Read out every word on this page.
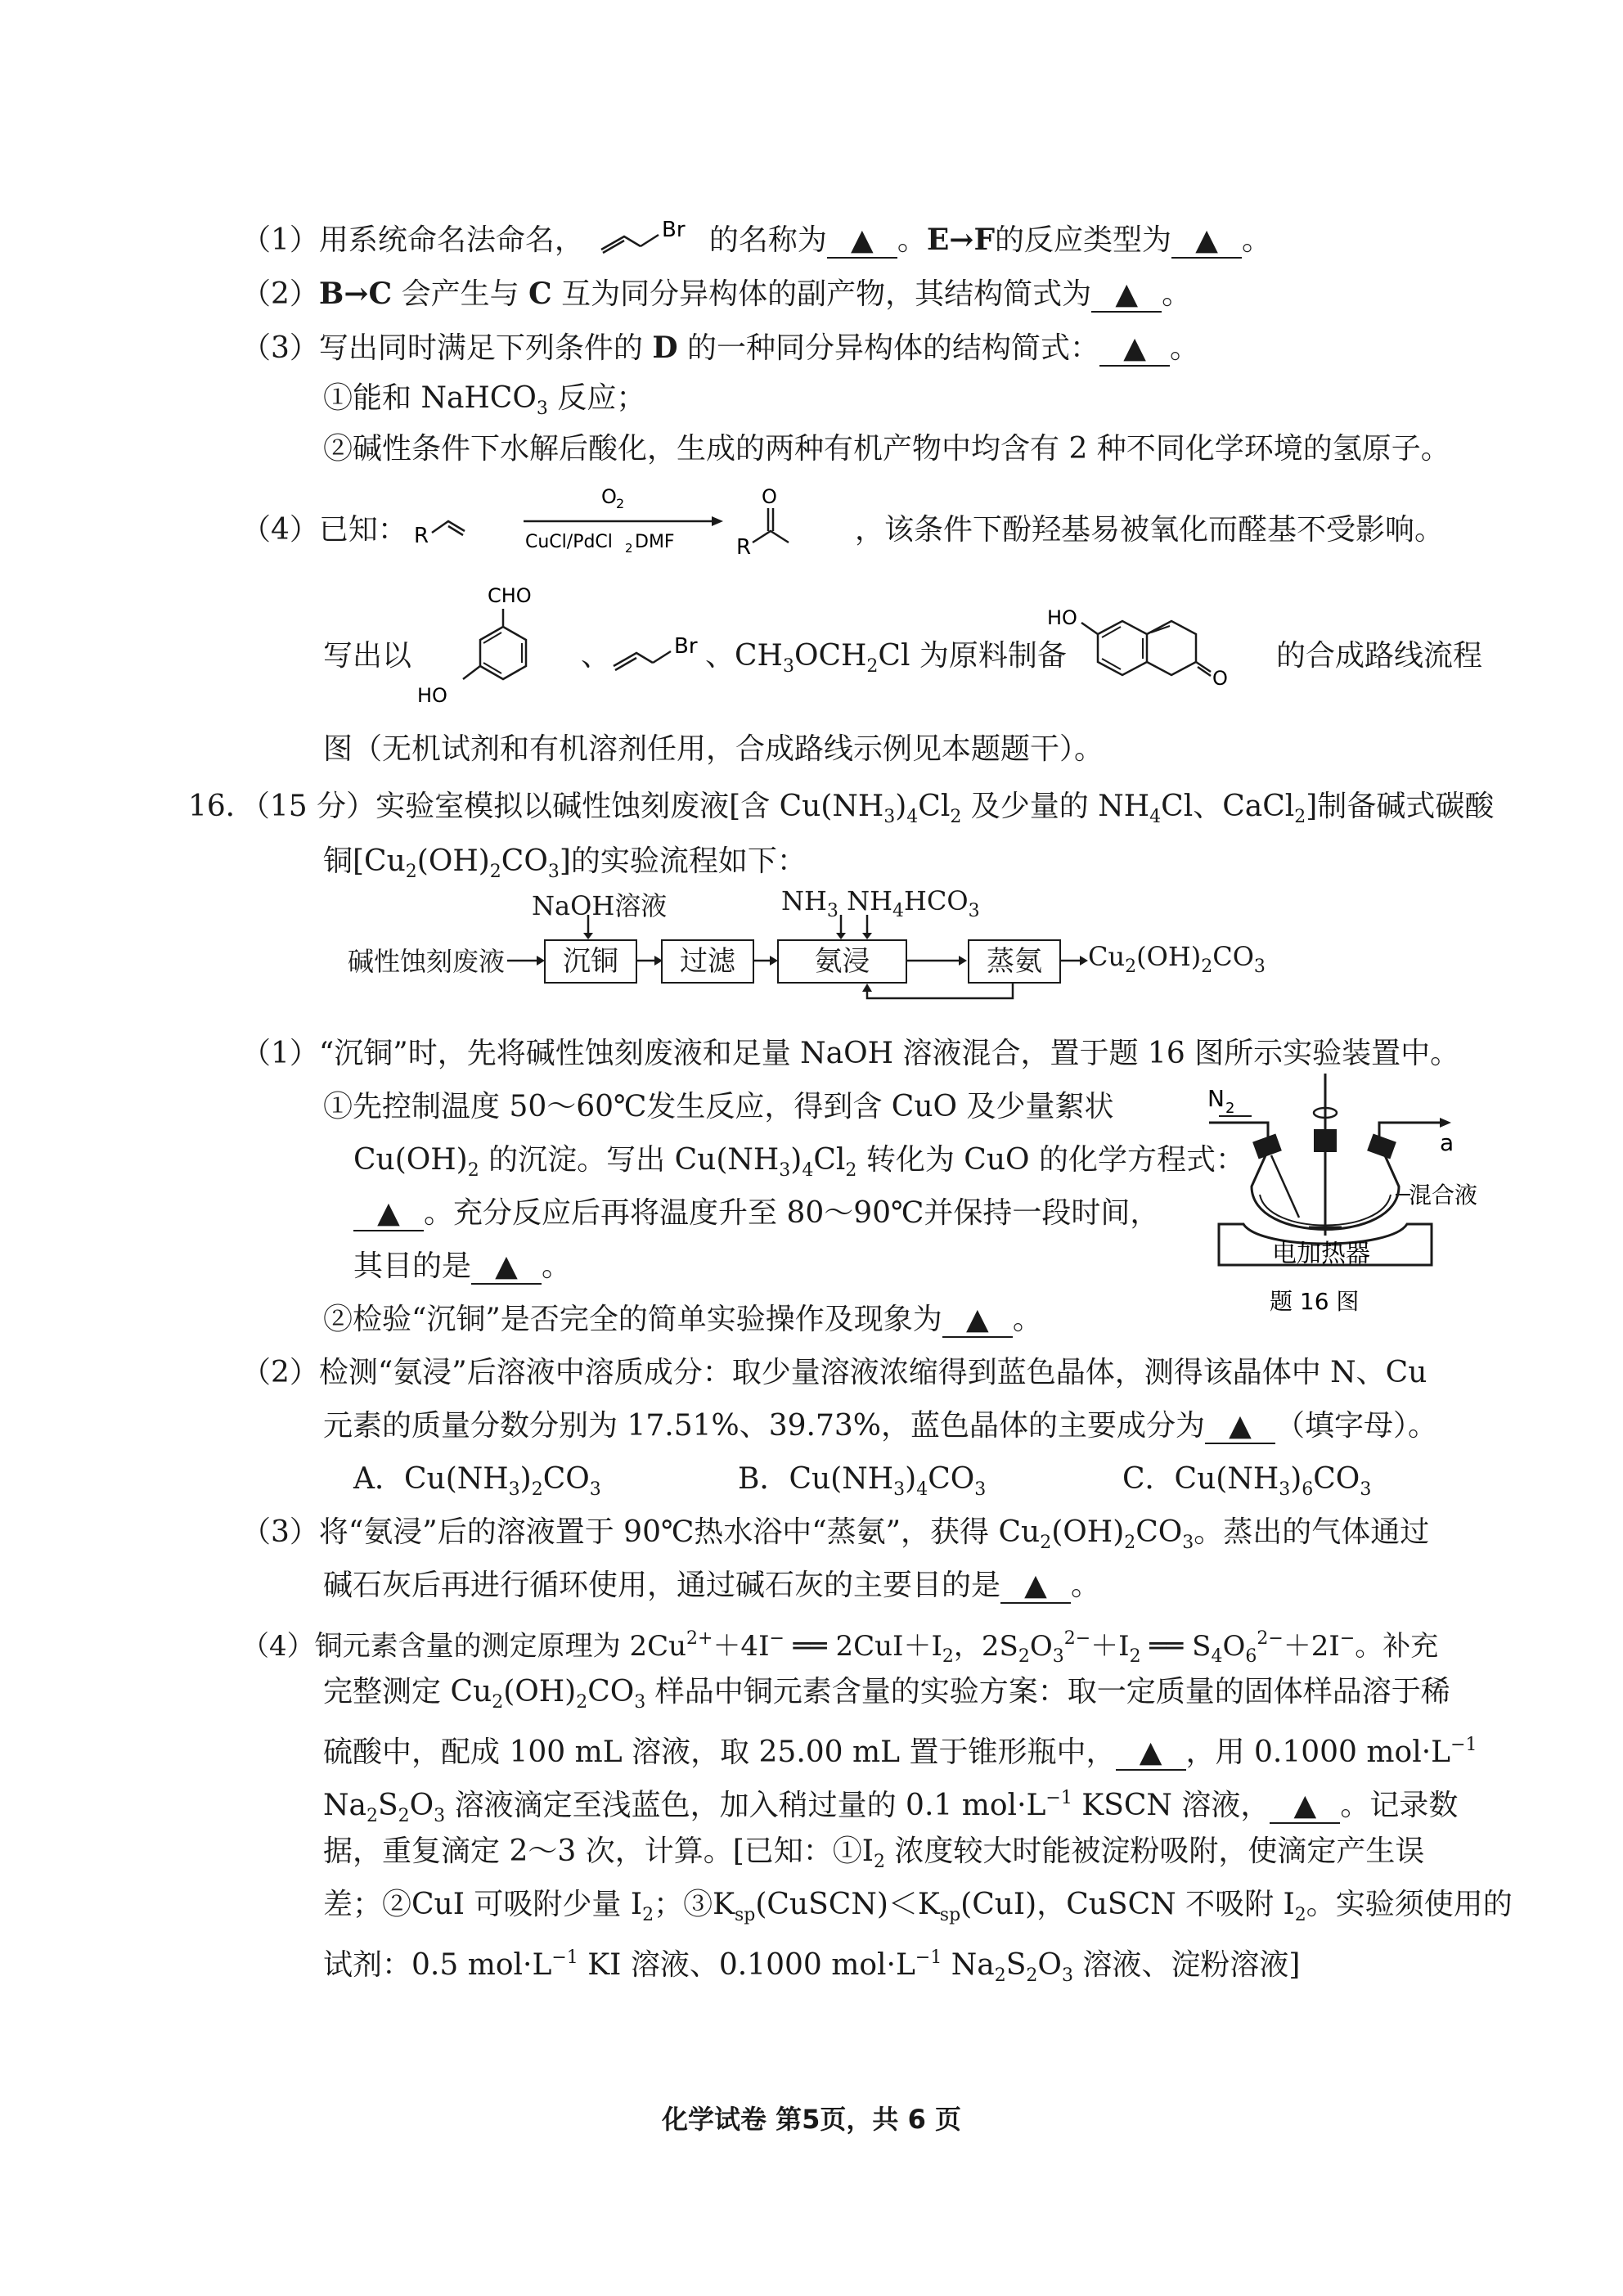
（1）用系统命名法命名，	Br 的名称为 ▲ 。E→F的反应类型为 ▲ 。
（2）B→C 会产生与 C 互为同分异构体的副产物，其结构简式为 ▲ 。
（3）写出同时满足下列条件的 D 的一种同分异构体的结构简式： ▲ 。
①能和 NaHCO$_3$ 反应；
②碱性条件下水解后酸化，生成的两种有机产物中均含有 2 种不同化学环境的氢原子。
（4）已知： R
O 2
CuCl/PdCl 2 DMF	R
O
，该条件下酚羟基易被氧化而醛基不受影响。
写出以
CHO
HO
、	Br 、$CH_3OCH_2Cl$ 为原料制备
HO
O
的合成路线流程
图（无机试剂和有机溶剂任用，合成路线示例见本题题干）。
16．（15 分）实验室模拟以碱性蚀刻废液[含 $Cu(NH_3)_4Cl_2$ 及少量的 $NH_4Cl$、CaCl$_2$]制备碱式碳酸
铜$[Cu_2(OH)_2CO_3]$的实验流程如下：
NaOH溶液	$NH_3$ $NH_4HCO_3$
碱性蚀刻废液	沉铜	过滤	氨浸	蒸氨	$Cu_2(OH)_2CO_3$
（1）“沉铜”时，先将碱性蚀刻废液和足量 NaOH 溶液混合，置于题 16 图所示实验装置中。
①先控制温度 50～60℃发生反应，得到含 CuO 及少量絮状
$Cu(OH)_2$ 的沉淀。写出 $Cu(NH_3)_4Cl_2$ 转化为 CuO 的化学方程式：
▲ 。充分反应后再将温度升至 80～90℃并保持一段时间，
其目的是 ▲ 。
②检验“沉铜”是否完全的简单实验操作及现象为 ▲ 。
N 2
a
混合液
电加热器
题 16 图
（2）检测“氨浸”后溶液中溶质成分：取少量溶液浓缩得到蓝色晶体，测得该晶体中 N、Cu
元素的质量分数分别为 17.51%、39.73%，蓝色晶体的主要成分为 ▲ （填字母）。
A．$Cu(NH_3)_2CO_3$	B．$Cu(NH_3)_4CO_3$	C．$Cu(NH_3)_6CO_3$
（3）将“氨浸”后的溶液置于 90℃热水浴中“蒸氨”，获得 $Cu_2(OH)_2CO_3$。蒸出的气体通过
碱石灰后再进行循环使用，通过碱石灰的主要目的是 ▲ 。
（4）铜元素含量的测定原理为 $2Cu^{2+}+4I^-$ ══ $2CuI+I_2$，$2S_2O_3^{2-}+I_2$ ══ $S_4O_6^{2-}+2I^-$。补充
完整测定 $Cu_2(OH)_2CO_3$ 样品中铜元素含量的实验方案：取一定质量的固体样品溶于稀
硫酸中，配成 100 mL 溶液，取 25.00 mL 置于锥形瓶中， ▲ ，用 0.1000 $mol\cdot L^{-1}$
$Na_2S_2O_3$ 溶液滴定至浅蓝色，加入稍过量的 0.1 $mol\cdot L^{-1}$ KSCN 溶液， ▲ 。记录数
据，重复滴定 2～3 次，计算。[已知：$①I_2$ 浓度较大时能被淀粉吸附，使滴定产生误
差；②CuI 可吸附少量 $I_2$；$③K_{sp}(CuSCN)<K_{sp}(CuI)$，CuSCN 不吸附 $I_2$。实验须使用的
试剂：0.5 $mol\cdot L^{-1}$ KI 溶液、0.1000 $mol\cdot L^{-1}$ $Na_2S_2O_3$ 溶液、淀粉溶液]
化学试卷 第5页，共 6 页
